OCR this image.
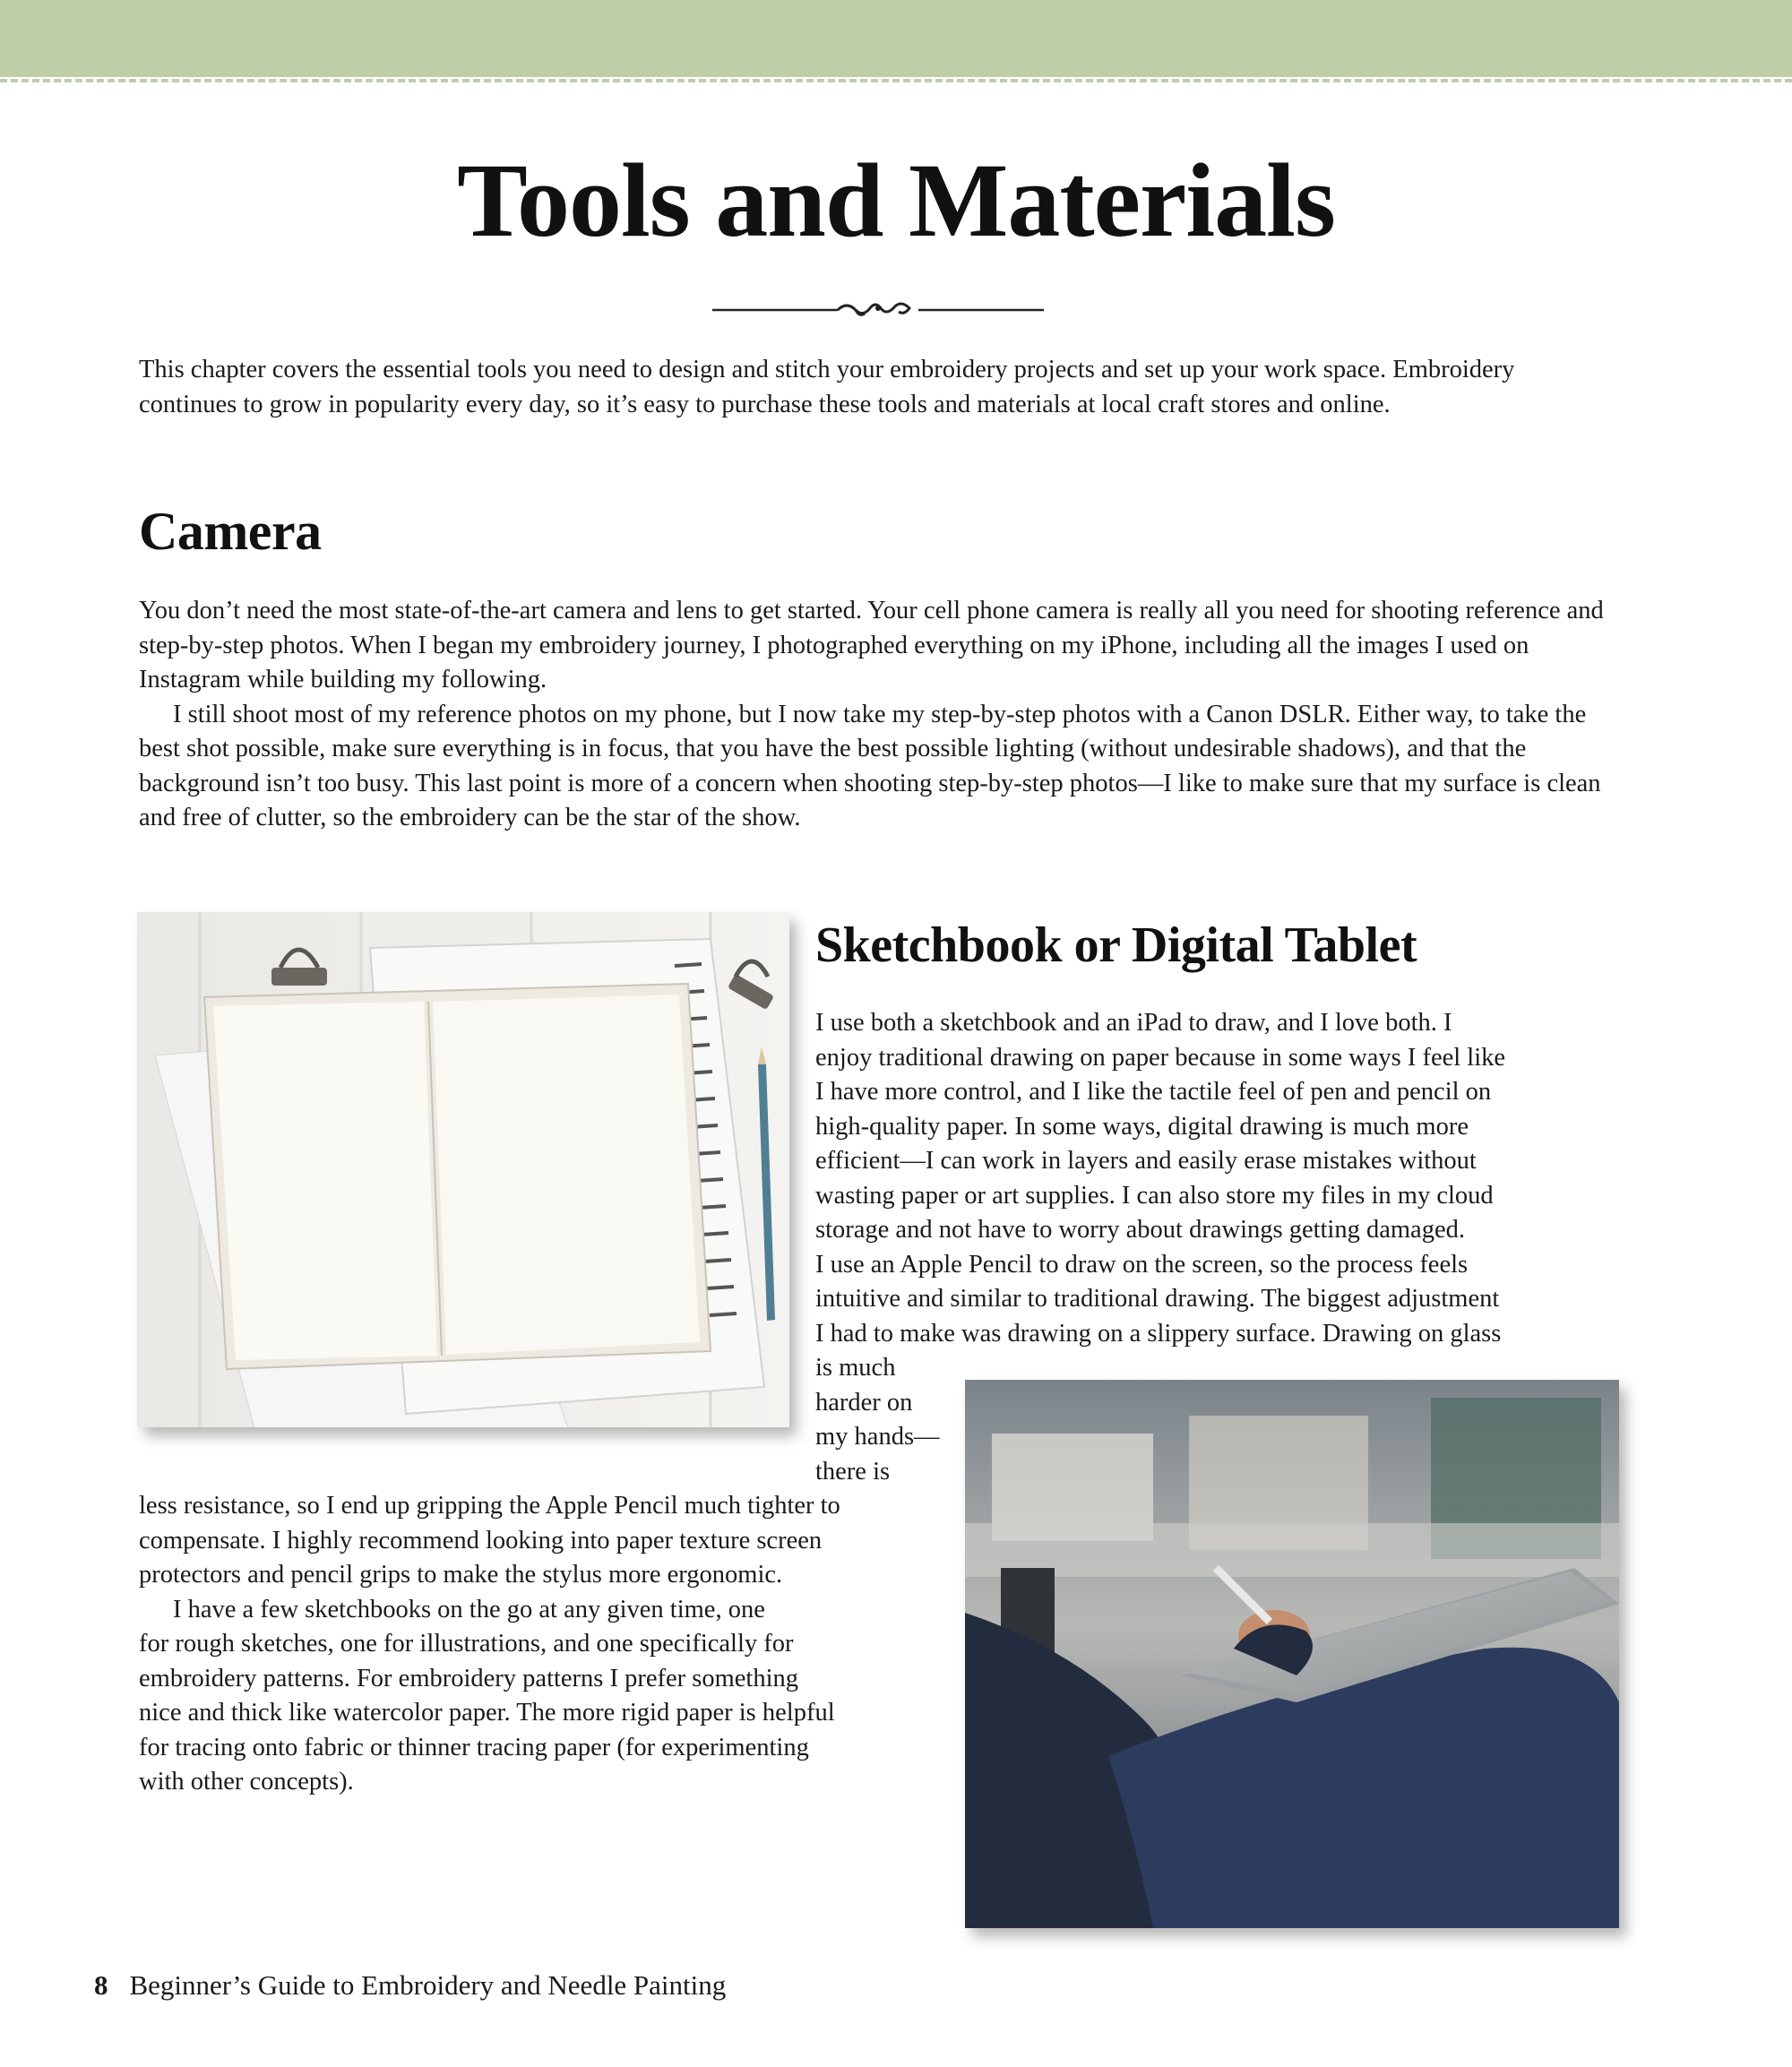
Tools and Materials

This chapter covers the essential tools you need to design and stitch your embroidery projects and set up your work space. Embroidery continues to grow in popularity every day, so it’s easy to purchase these tools and materials at local craft stores and online.

Camera

You don’t need the most state-of-the-art camera and lens to get started. Your cell phone camera is really all you need for shooting reference and step-by-step photos. When I began my embroidery journey, I photographed everything on my iPhone, including all the images I used on Instagram while building my following.

I still shoot most of my reference photos on my phone, but I now take my step-by-step photos with a Canon DSLR. Either way, to take the best shot possible, make sure everything is in focus, that you have the best possible lighting (without undesirable shadows), and that the background isn’t too busy. This last point is more of a concern when shooting step-by-step photos—I like to make sure that my surface is clean and free of clutter, so the embroidery can be the star of the show.

Sketchbook or Digital Tablet
I use both a sketchbook and an iPad to draw, and I love both. I
enjoy traditional drawing on paper because in some ways I feel like
I have more control, and I like the tactile feel of pen and pencil on
high-quality paper. In some ways, digital drawing is much more
efficient—I can work in layers and easily erase mistakes without
wasting paper or art supplies. I can also store my files in my cloud
storage and not have to worry about drawings getting damaged.
I use an Apple Pencil to draw on the screen, so the process feels
intuitive and similar to traditional drawing. The biggest adjustment
I had to make was drawing on a slippery surface. Drawing on glass
is much
harder on
my hands—
there is
less resistance, so I end up gripping the Apple Pencil much tighter to
compensate. I highly recommend looking into paper texture screen
protectors and pencil grips to make the stylus more ergonomic.
I have a few sketchbooks on the go at any given time, one
for rough sketches, one for illustrations, and one specifically for
embroidery patterns. For embroidery patterns I prefer something
nice and thick like watercolor paper. The more rigid paper is helpful
for tracing onto fabric or thinner tracing paper (for experimenting
with other concepts).
8 Beginner’s Guide to Embroidery and Needle Painting
